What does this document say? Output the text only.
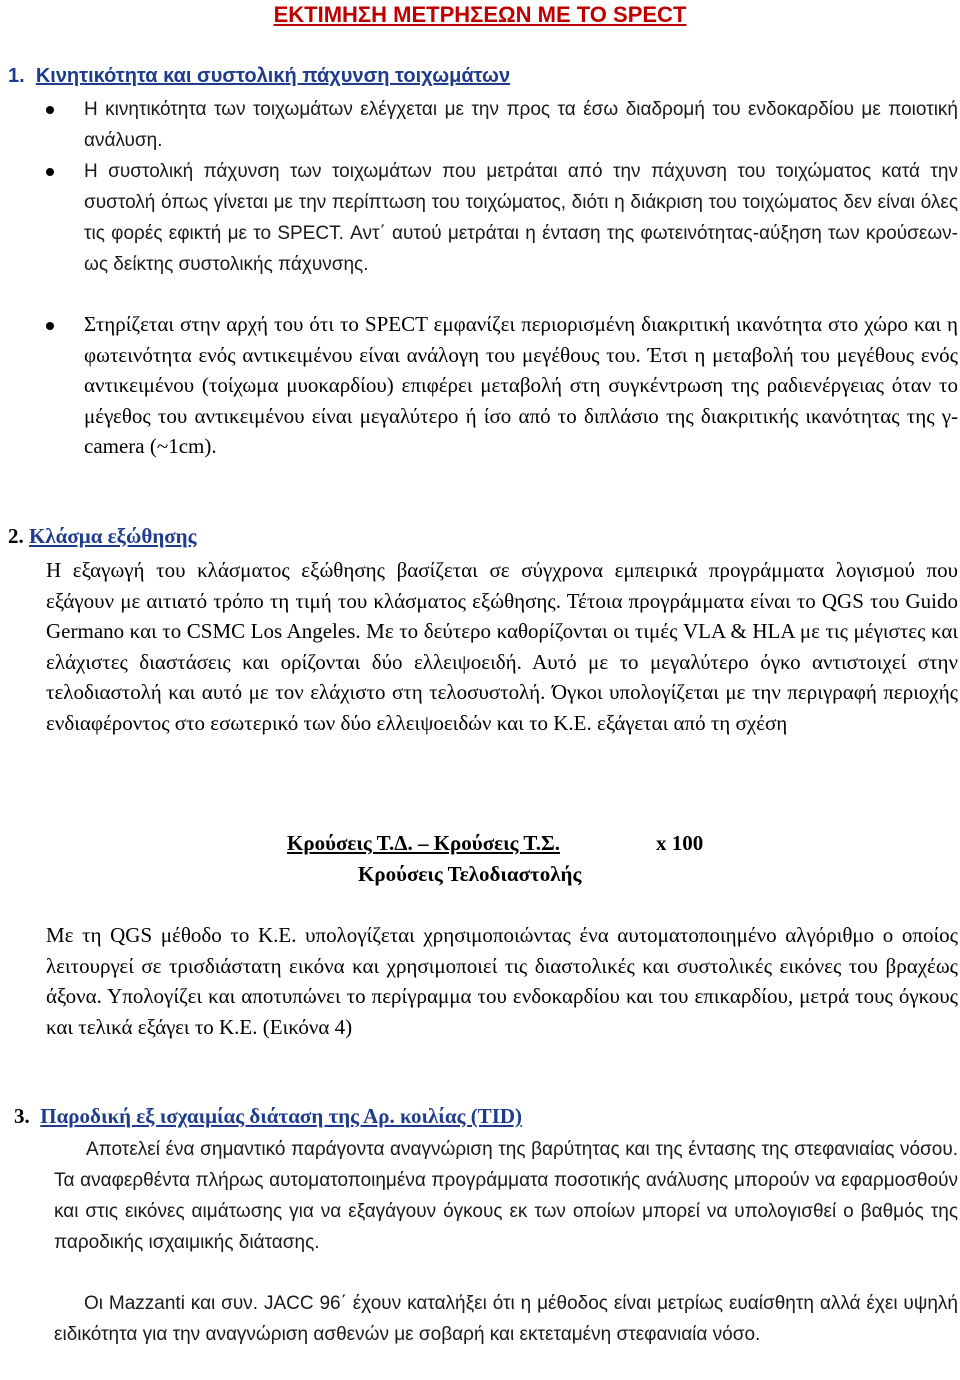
ΕΚΤΙΜΗΣΗ ΜΕΤΡΗΣΕΩΝ ΜΕ ΤΟ SPECT
1. Κινητικότητα και συστολική πάχυνση τοιχωμάτων

Η κινητικότητα των τοιχωμάτων ελέγχεται με την προς τα έσω διαδρομή του ενδοκαρδίου με ποιοτική ανάλυση.

Η συστολική πάχυνση των τοιχωμάτων που μετράται από την πάχυνση του τοιχώματος κατά την συστολή όπως γίνεται με την περίπτωση του τοιχώματος, διότι η διάκριση του τοιχώματος δεν είναι όλες τις φορές εφικτή με το SPECT. Αντ΄ αυτού μετράται η ένταση της φωτεινότητας-αύξηση των κρούσεων-ως δείκτης συστολικής πάχυνσης.

Στηρίζεται στην αρχή του ότι το SPECT εμφανίζει περιορισμένη διακριτική ικανότητα στο χώρο και η φωτεινότητα ενός αντικειμένου είναι ανάλογη του μεγέθους του. Έτσι η μεταβολή του μεγέθους ενός αντικειμένου (τοίχωμα μυοκαρδίου) επιφέρει μεταβολή στη συγκέντρωση της ραδιενέργειας όταν το μέγεθος του αντικειμένου είναι μεγαλύτερο ή ίσο από το διπλάσιο της διακριτικής ικανότητας της γ-camera (~1cm).

2. Κλάσμα εξώθησης

Η εξαγωγή του κλάσματος εξώθησης βασίζεται σε σύγχρονα εμπειρικά προγράμματα λογισμού που εξάγουν με αιτιατό τρόπο τη τιμή του κλάσματος εξώθησης. Τέτοια προγράμματα είναι το QGS του Guido Germano και το CSMC Los Angeles. Με το δεύτερο καθορίζονται οι τιμές VLA & HLA με τις μέγιστες και ελάχιστες διαστάσεις και ορίζονται δύο ελλειψοειδή. Αυτό με το μεγαλύτερο όγκο αντιστοιχεί στην τελοδιαστολή και αυτό με τον ελάχιστο στη τελοσυστολή. Όγκοι υπολογίζεται με την περιγραφή περιοχής ενδιαφέροντος στο εσωτερικό των δύο ελλειψοειδών και το Κ.Ε. εξάγεται από τη σχέση

Κρούσεις Τ.Δ. – Κρούσεις Τ.Σ.	x 100
Κρούσεις Τελοδιαστολής

Με τη QGS μέθοδο το Κ.Ε. υπολογίζεται χρησιμοποιώντας ένα αυτοματοποιημένο αλγόριθμο ο οποίος λειτουργεί σε τρισδιάστατη εικόνα και χρησιμοποιεί τις διαστολικές και συστολικές εικόνες του βραχέως άξονα. Υπολογίζει και αποτυπώνει το περίγραμμα του ενδοκαρδίου και του επικαρδίου, μετρά τους όγκους και τελικά εξάγει το Κ.Ε. (Εικόνα 4)

3. Παροδική εξ ισχαιμίας διάταση της Αρ. κοιλίας (TID)

Αποτελεί ένα σημαντικό παράγοντα αναγνώριση της βαρύτητας και της έντασης της στεφανιαίας νόσου. Τα αναφερθέντα πλήρως αυτοματοποιημένα προγράμματα ποσοτικής ανάλυσης μπορούν να εφαρμοσθούν και στις εικόνες αιμάτωσης για να εξαγάγουν όγκους εκ των οποίων μπορεί να υπολογισθεί ο βαθμός της παροδικής ισχαιμικής διάτασης.

Οι Mazzanti και συν. JACC 96΄ έχουν καταλήξει ότι η μέθοδος είναι μετρίως ευαίσθητη αλλά έχει υψηλή ειδικότητα για την αναγνώριση ασθενών με σοβαρή και εκτεταμένη στεφανιαία νόσο.
